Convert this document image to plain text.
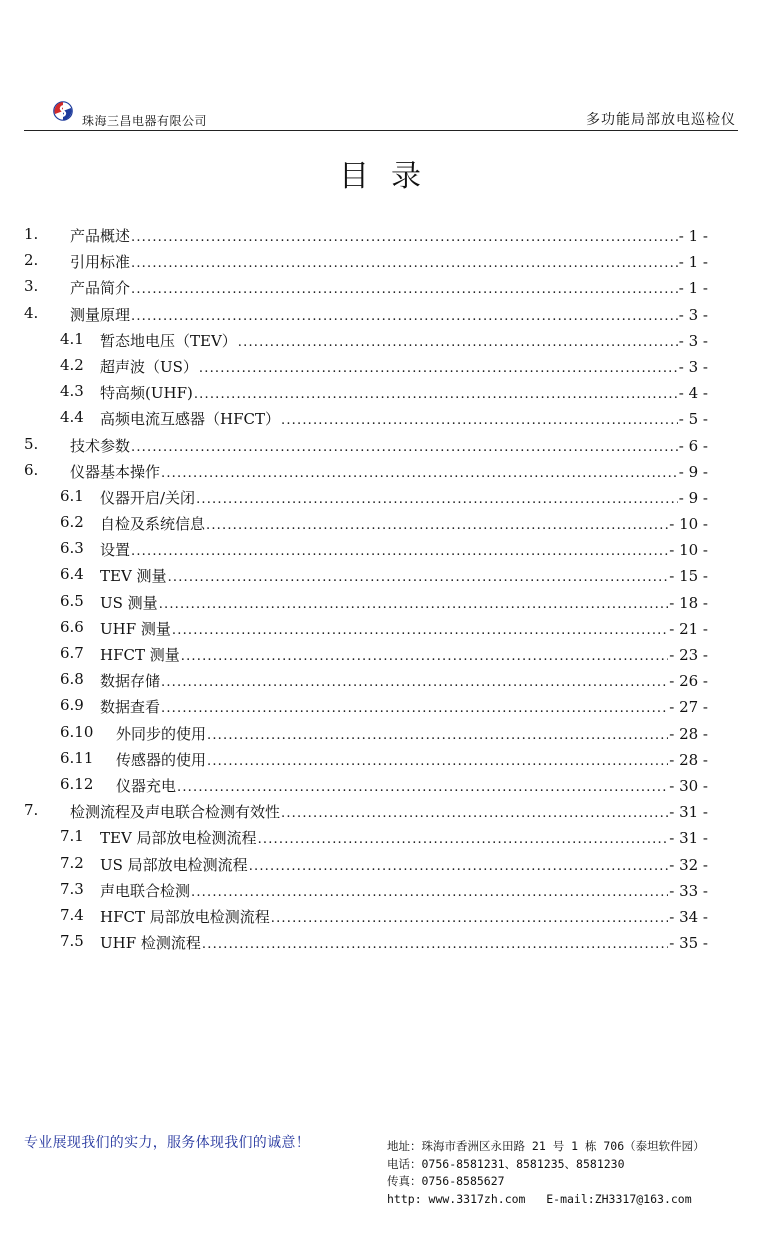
珠海三昌电器有限公司	多功能局部放电巡检仪
目录
1. 产品概述 .....	- 1 -
2. 引用标准 .....	- 1 -
3. 产品简介 .....	- 1 -
4. 测量原理 .....	- 3 -
4.1 暂态地电压（TEV） .....	- 3 -
4.2 超声波（US） .....	- 3 -
4.3 特高频(UHF) .....	- 4 -
4.4 高频电流互感器（HFCT） .....	- 5 -
5. 技术参数 .....	- 6 -
6. 仪器基本操作 .....	- 9 -
6.1 仪器开启/关闭 .....	- 9 -
6.2 自检及系统信息 .....	- 10 -
6.3 设置 .....	- 10 -
6.4 TEV 测量 .....	- 15 -
6.5 US 测量 .....	- 18 -
6.6 UHF 测量 .....	- 21 -
6.7 HFCT 测量 .....	- 23 -
6.8 数据存储 .....	- 26 -
6.9 数据查看 .....	- 27 -
6.10 外同步的使用 .....	- 28 -
6.11 传感器的使用 .....	- 28 -
6.12 仪器充电 .....	- 30 -
7. 检测流程及声电联合检测有效性 .....	- 31 -
7.1 TEV 局部放电检测流程 .....	- 31 -
7.2 US 局部放电检测流程 .....	- 32 -
7.3 声电联合检测 .....	- 33 -
7.4 HFCT 局部放电检测流程 .....	- 34 -
7.5 UHF 检测流程 .....	- 35 -
专业展现我们的实力，服务体现我们的诚意！	地址：珠海市香洲区永田路 21 号 1 栋 706（泰坦软件园）
电话：0756-8581231、8581235、8581230
传真：0756-8585627
http: www.3317zh.com   E-mail:ZH3317@163.com
